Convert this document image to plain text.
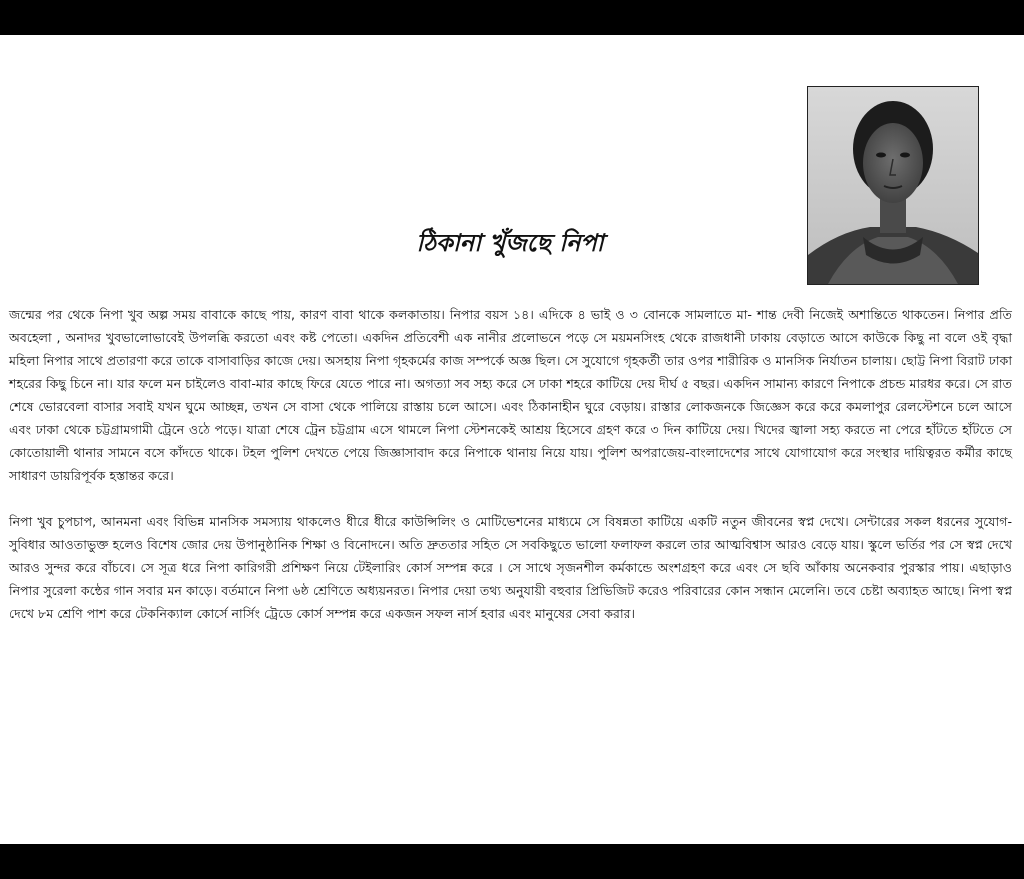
ঠিকানা খুঁজছে নিপা

জন্মের পর থেকে নিপা খুব অল্প সময় বাবাকে কাছে পায়, কারণ বাবা থাকে কলকাতায়। নিপার বয়স ১৪। এদিকে ৪ ভাই ও ৩ বোনকে সামলাতে মা- শান্ত দেবী নিজেই অশান্তিতে থাকতেন। নিপার প্রতি অবহেলা , অনাদর খুবভালোভাবেই উপলব্ধি করতো এবং কষ্ট পেতো। একদিন প্রতিবেশী এক নানীর প্রলোভনে পড়ে সে ময়মনসিংহ থেকে রাজধানী ঢাকায় বেড়াতে আসে কাউকে কিছু না বলে ওই বৃদ্ধা মহিলা নিপার সাথে প্রতারণা করে তাকে বাসাবাড়ির কাজে দেয়। অসহায় নিপা গৃহকর্মের কাজ সম্পর্কে অজ্ঞ ছিল। সে সুযোগে গৃহকর্তী তার ওপর শারীরিক ও মানসিক নির্যাতন চালায়। ছোট্ট নিপা বিরাট ঢাকা শহরের কিছু চিনে না। যার ফলে মন চাইলেও বাবা-মার কাছে ফিরে যেতে পারে না। অগত্যা সব সহ্য করে সে ঢাকা শহরে কাটিয়ে দেয় দীর্ঘ ৫ বছর। একদিন সামান্য কারণে নিপাকে প্রচন্ড মারধর করে। সে রাত শেষে ভোরবেলা বাসার সবাই যখন ঘুমে আচ্ছন্ন, তখন সে বাসা থেকে পালিয়ে রাস্তায় চলে আসে। এবং ঠিকানাহীন ঘুরে বেড়ায়। রাস্তার লোকজনকে জিজ্ঞেস করে করে কমলাপুর রেলস্টেশনে চলে আসে এবং ঢাকা থেকে চট্টগ্রামগামী ট্রেনে ওঠে পড়ে। যাত্রা শেষে ট্রেন চট্টগ্রাম এসে থামলে নিপা স্টেশনকেই আশ্রয় হিসেবে গ্রহণ করে ৩ দিন কাটিয়ে দেয়। খিদের জ্বালা সহ্য করতে না পেরে হাঁটতে হাঁটতে সে কোতোয়ালী থানার সামনে বসে কাঁদতে থাকে। টহল পুলিশ দেখতে পেয়ে জিজ্ঞাসাবাদ করে নিপাকে থানায় নিয়ে যায়। পুলিশ অপরাজেয়-বাংলাদেশের সাথে যোগাযোগ করে সংস্থার দায়িত্বরত কর্মীর কাছে সাধারণ ডায়রিপূর্বক হস্তান্তর করে।

নিপা খুব চুপচাপ, আনমনা এবং বিভিন্ন মানসিক সমস্যায় থাকলেও ধীরে ধীরে কাউন্সিলিং ও মোটিভেশনের মাধ্যমে সে বিষন্নতা কাটিয়ে একটি নতুন জীবনের স্বপ্ন দেখে। সেন্টারের সকল ধরনের সুযোগ-সুবিধার আওতাভুক্ত হলেও বিশেষ জোর দেয় উপানুষ্ঠানিক শিক্ষা ও বিনোদনে। অতি দ্রুততার সহিত সে সবকিছুতে ভালো ফলাফল করলে তার আত্মবিশ্বাস আরও বেড়ে যায়। স্কুলে ভর্তির পর সে স্বপ্ন দেখে আরও সুন্দর করে বাঁচবে। সে সূত্র ধরে নিপা কারিগরী প্রশিক্ষণ নিয়ে টেইলারিং কোর্স সম্পন্ন করে । সে সাথে সৃজনশীল কর্মকান্ডে অংশগ্রহণ করে এবং সে ছবি আঁকায় অনেকবার পুরস্কার পায়। এছাড়াও নিপার সুরেলা কন্ঠের গান সবার মন কাড়ে। বর্তমানে নিপা ৬ষ্ঠ শ্রেণিতে অধ্যয়নরত। নিপার দেয়া তথ্য অনুযায়ী বহুবার প্রিভিজিট করেও পরিবারের কোন সন্ধান মেলেনি। তবে চেষ্টা অব্যাহত আছে। নিপা স্বপ্ন দেখে ৮ম শ্রেণি পাশ করে টেকনিক্যাল কোর্সে নার্সিং ট্রেডে কোর্স সম্পন্ন করে একজন সফল নার্স হবার এবং মানুষের সেবা করার।
